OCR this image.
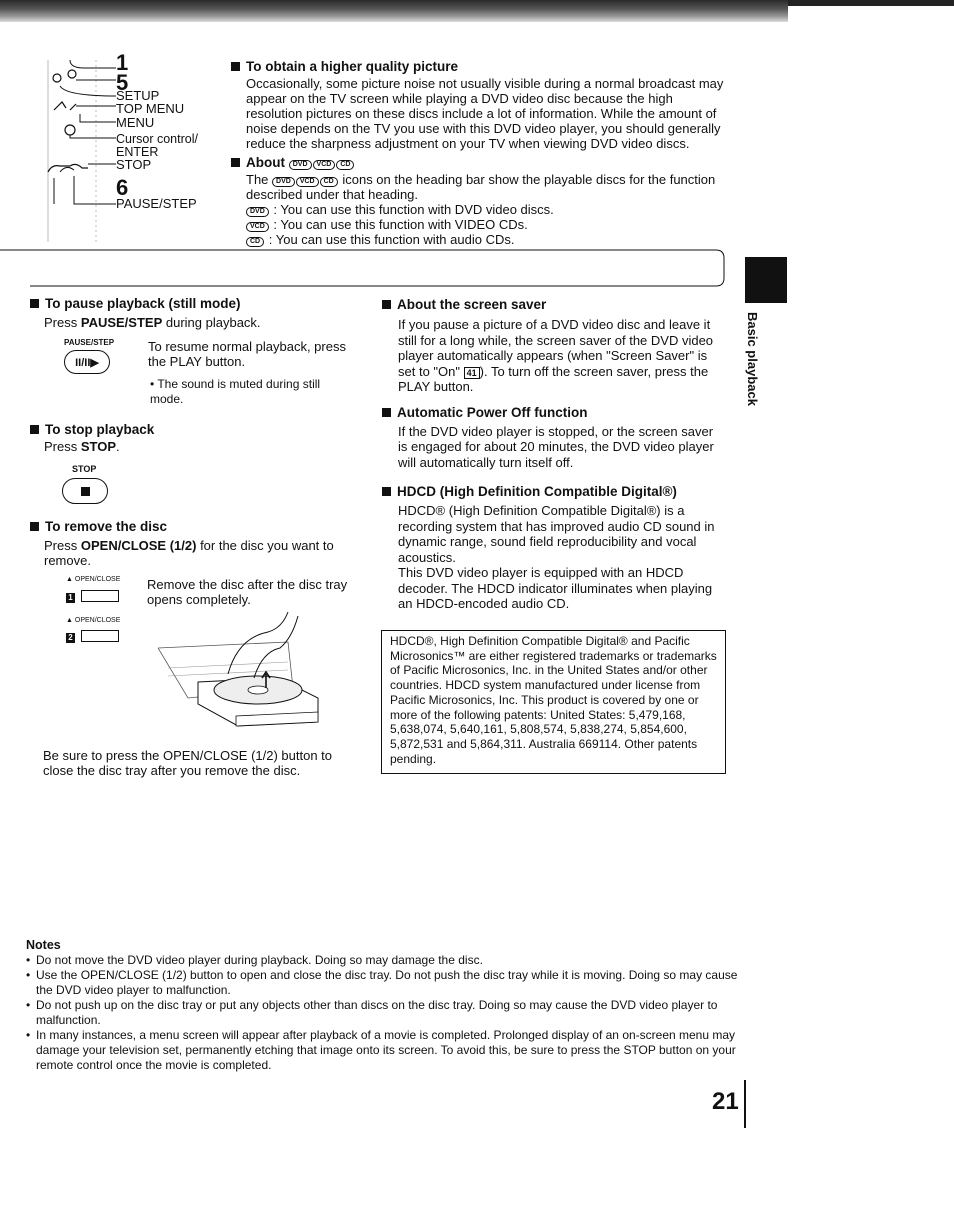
1
5
SETUP
TOP MENU
MENU
Cursor control/
ENTER
STOP
6
PAUSE/STEP
To obtain a higher quality picture
Occasionally, some picture noise not usually visible during a normal broadcast may appear on the TV screen while playing a DVD video disc because the high resolution pictures on these discs include a lot of information. While the amount of noise depends on the TV you use with this DVD video player, you should generally reduce the sharpness adjustment on your TV when viewing DVD video discs.
About DVD VCD CD
The DVD VCD CD icons on the heading bar show the playable discs for the function described under that heading.
DVD : You can use this function with DVD video discs.
VCD : You can use this function with VIDEO CDs.
CD : You can use this function with audio CDs.
Basic playback
To pause playback (still mode)
Press PAUSE/STEP during playback.
PAUSE/STEP
II/II▶
To resume normal playback, press the PLAY button.
• The sound is muted during still mode.
To stop playback
Press STOP.
STOP
To remove the disc
Press OPEN/CLOSE (1/2) for the disc you want to remove.
▲ OPEN/CLOSE
1
Remove the disc after the disc tray opens completely.
▲ OPEN/CLOSE
2
Be sure to press the OPEN/CLOSE (1/2) button to close the disc tray after you remove the disc.
About the screen saver
If you pause a picture of a DVD video disc and leave it still for a long while, the screen saver of the DVD video player automatically appears (when "Screen Saver" is set to "On" 41 ). To turn off the screen saver, press the PLAY button.
Automatic Power Off function
If the DVD video player is stopped, or the screen saver is engaged for about 20 minutes, the DVD video player will automatically turn itself off.
HDCD (High Definition Compatible Digital®)
HDCD® (High Definition Compatible Digital®) is a recording system that has improved audio CD sound in dynamic range, sound field reproducibility and vocal acoustics.
This DVD video player is equipped with an HDCD decoder. The HDCD indicator illuminates when playing an HDCD-encoded audio CD.
HDCD®, High Definition Compatible Digital® and Pacific Microsonics™ are either registered trademarks or trademarks of Pacific Microsonics, Inc. in the United States and/or other countries. HDCD system manufactured under license from Pacific Microsonics, Inc. This product is covered by one or more of the following patents: United States: 5,479,168, 5,638,074, 5,640,161, 5,808,574, 5,838,274, 5,854,600, 5,872,531 and 5,864,311. Australia 669114. Other patents pending.
Notes
• Do not move the DVD video player during playback. Doing so may damage the disc.
• Use the OPEN/CLOSE (1/2) button to open and close the disc tray. Do not push the disc tray while it is moving. Doing so may cause the DVD video player to malfunction.
• Do not push up on the disc tray or put any objects other than discs on the disc tray. Doing so may cause the DVD video player to malfunction.
• In many instances, a menu screen will appear after playback of a movie is completed. Prolonged display of an on-screen menu may damage your television set, permanently etching that image onto its screen. To avoid this, be sure to press the STOP button on your remote control once the movie is completed.
21
